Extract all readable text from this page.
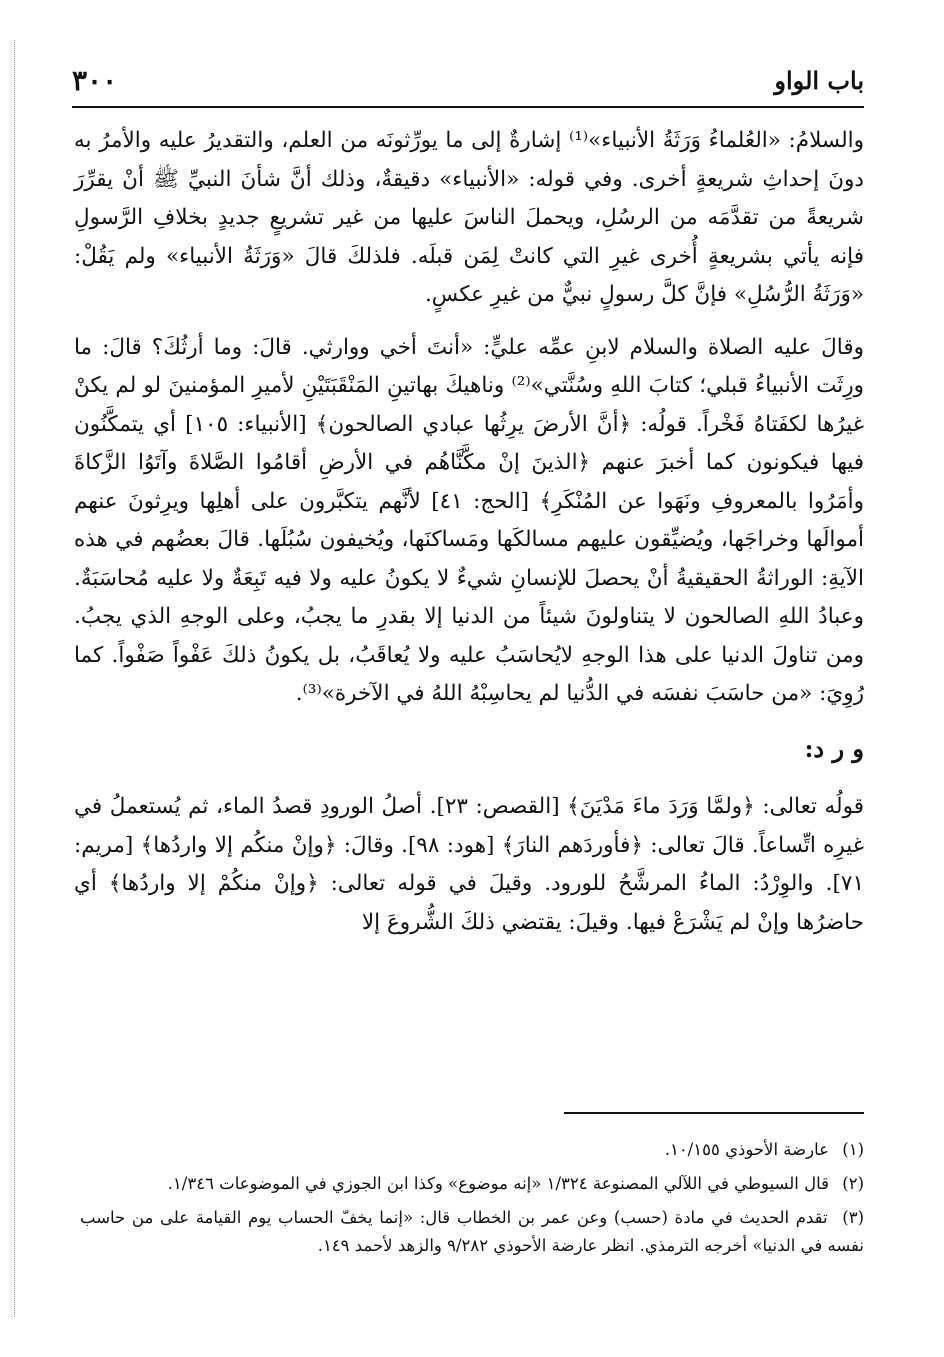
باب الواو
٣٠٠

والسلامُ: «العُلماءُ وَرَثَةُ الأنبياء»⁽¹⁾ إشارةٌ إلى ما يورِّثونَه من العلم، والتقديرُ عليه والأمرُ به دونَ إحداثِ شريعةٍ أخرى. وفي قوله: «الأنبياء» دقيقةٌ، وذلك أنَّ شأنَ النبيِّ ﷺ أنْ يقرِّرَ شريعةً من تقدَّمَه من الرسُلِ، ويحملَ الناسَ عليها من غير تشريعٍ جديدٍ بخلافِ الرَّسولِ فإنه يأتي بشريعةٍ أُخرى غيرِ التي كانتْ لِمَن قبلَه. فلذلكَ قالَ «وَرَثَةُ الأنبياء» ولم يَقُلْ: «وَرَثَةُ الرُّسُلِ» فإنَّ كلَّ رسولٍ نبيٌّ من غيرِ عكسٍ.

وقالَ عليه الصلاة والسلام لابنِ عمِّه عليٍّ: «أنتَ أخي ووارثي. قالَ: وما أرثُكَ؟ قالَ: ما ورِثَت الأنبياءُ قبلي؛ كتابَ اللهِ وسُنَّتي»⁽²⁾ وناهيكَ بهاتينِ المَنْقَبَتَيْنِ لأميرِ المؤمنينَ لو لم يكنْ غيرُها لكفَتاهُ فَخْراً. قولُه: ﴿أنَّ الأرضَ يرِثُها عبادي الصالحون﴾ [الأنبياء: ١٠٥] أي يتمكَّنُون فيها فيكونون كما أخبرَ عنهم ﴿الذينَ إنْ مكَّنَّاهُم في الأرضِ أقامُوا الصَّلاةَ وآتَوُا الزَّكاةَ وأمَرُوا بالمعروفِ ونَهَوا عن المُنْكَرِ﴾ [الحج: ٤١] لأنَّهم يتكبَّرون على أهلِها ويرِثونَ عنهم أموالَها وخراجَها، ويُضيِّقون عليهم مسالكَها ومَساكنَها، ويُخيفون سُبُلَها. قالَ بعضُهم في هذه الآيةِ: الوراثةُ الحقيقيةُ أنْ يحصلَ للإنسانِ شيءٌ لا يكونُ عليه ولا فيه تَبِعَةٌ ولا عليه مُحاسَبَةٌ. وعبادُ اللهِ الصالحون لا يتناولونَ شيئاً من الدنيا إلا بقدرِ ما يجبُ، وعلى الوجهِ الذي يجبُ. ومن تناولَ الدنيا على هذا الوجهِ لايُحاسَبُ عليه ولا يُعاقَبُ، بل يكونُ ذلكَ عَفْواً صَفْواً. كما رُوِيَ: «من حاسَبَ نفسَه في الدُّنيا لم يحاسِبْهُ اللهُ في الآخرة»⁽³⁾.

و ر د:

قولُه تعالى: ﴿ولمَّا وَرَدَ ماءَ مَدْيَنَ﴾ [القصص: ٢٣]. أصلُ الورودِ قصدُ الماء، ثم يُستعملُ في غيرِه اتِّساعاً. قالَ تعالى: ﴿فأوردَهم النارَ﴾ [هود: ٩٨]. وقالَ: ﴿وإنْ منكُم إلا واردُها﴾ [مريم: ٧١]. والوِرْدُ: الماءُ المرشَّحُ للورود. وقيلَ في قوله تعالى: ﴿وإنْ منكُمْ إلا واردُها﴾ أي حاضرُها وإنْ لم يَشْرَعْ فيها. وقيلَ: يقتضي ذلكَ الشُّروعَ إلا

(١) عارضة الأحوذي ١٠/١٥٥.

(٢) قال السيوطي في اللآلي المصنوعة ١/٣٢٤ «إنه موضوع» وكذا ابن الجوزي في الموضوعات ١/٣٤٦.

(٣) تقدم الحديث في مادة (حسب) وعن عمر بن الخطاب قال: «إنما يخفّ الحساب يوم القيامة على من حاسب نفسه في الدنيا» أخرجه الترمذي. انظر عارضة الأحوذي ٩/٢٨٢ والزهد لأحمد ١٤٩.
